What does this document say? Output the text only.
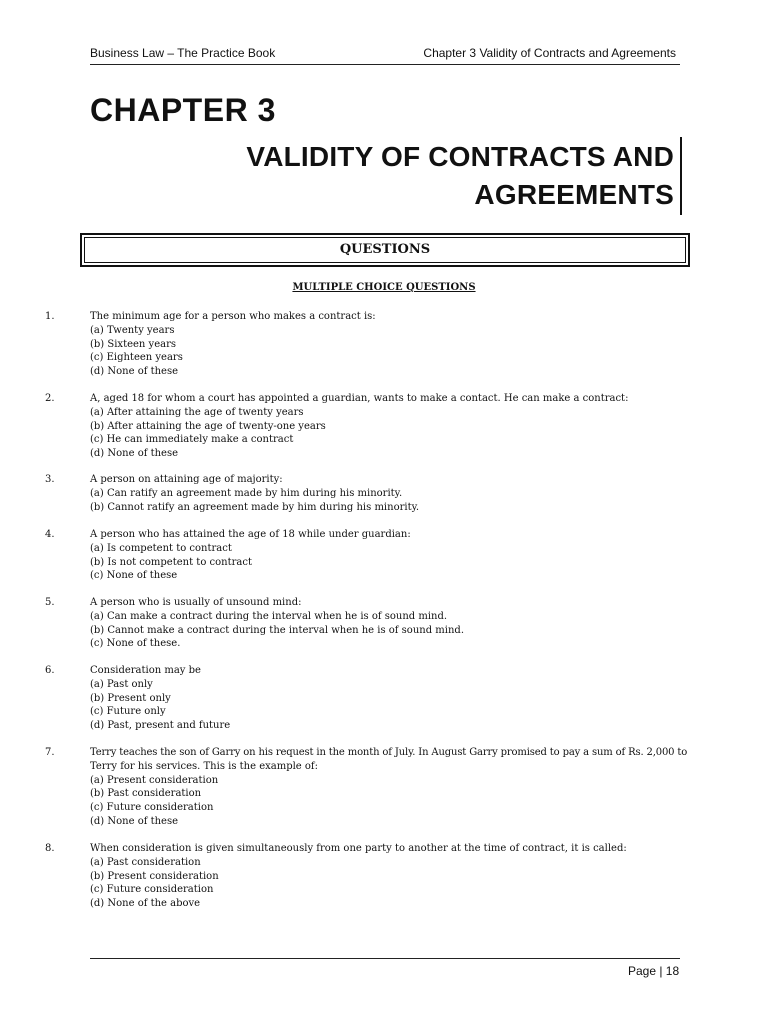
Business Law – The Practice Book	Chapter 3 Validity of Contracts and Agreements
CHAPTER 3
VALIDITY OF CONTRACTS AND
AGREEMENTS
QUESTIONS
MULTIPLE CHOICE QUESTIONS
1.	The minimum age for a person who makes a contract is:
(a) Twenty years
(b) Sixteen years
(c) Eighteen years
(d) None of these
2.	A, aged 18 for whom a court has appointed a guardian, wants to make a contact. He can make a contract:
(a) After attaining the age of twenty years
(b) After attaining the age of twenty-one years
(c) He can immediately make a contract
(d) None of these
3.	A person on attaining age of majority:
(a) Can ratify an agreement made by him during his minority.
(b) Cannot ratify an agreement made by him during his minority.
4.	A person who has attained the age of 18 while under guardian:
(a) Is competent to contract
(b) Is not competent to contract
(c) None of these
5.	A person who is usually of unsound mind:
(a) Can make a contract during the interval when he is of sound mind.
(b) Cannot make a contract during the interval when he is of sound mind.
(c) None of these.
6.	Consideration may be
(a) Past only
(b) Present only
(c) Future only
(d) Past, present and future
7.	Terry teaches the son of Garry on his request in the month of July. In August Garry promised to pay a sum of Rs. 2,000 to
Terry for his services. This is the example of:
(a) Present consideration
(b) Past consideration
(c) Future consideration
(d) None of these
8.	When consideration is given simultaneously from one party to another at the time of contract, it is called:
(a) Past consideration
(b) Present consideration
(c) Future consideration
(d) None of the above
Page | 18
